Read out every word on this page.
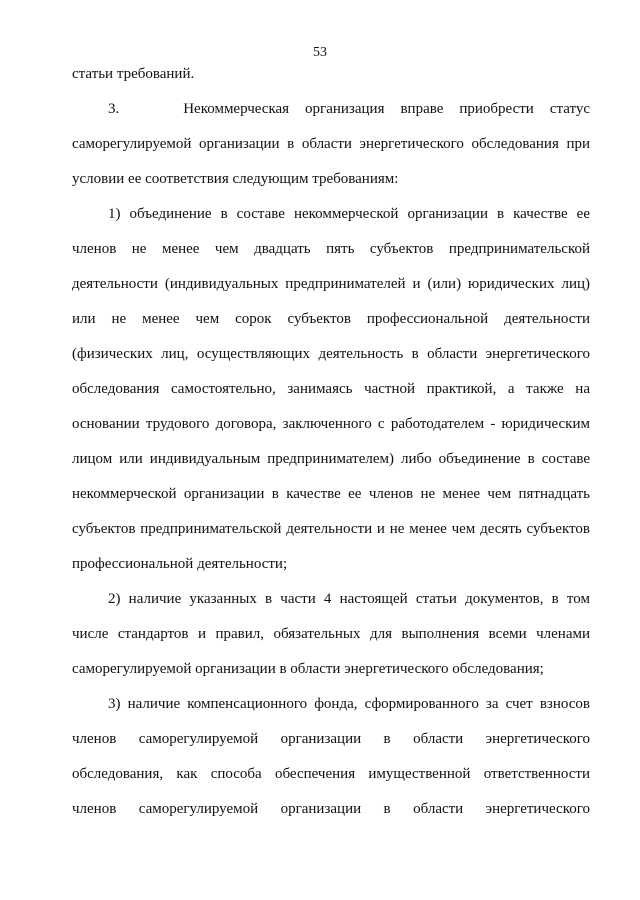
53
статьи требований.
3.    Некоммерческая организация вправе приобрести статус
саморегулируемой организации в области энергетического обследования при
условии ее соответствия следующим требованиям:
1) объединение в составе некоммерческой организации в качестве ее
членов не менее чем двадцать пять субъектов предпринимательской
деятельности (индивидуальных предпринимателей и (или) юридических лиц)
или не менее чем сорок субъектов профессиональной деятельности
(физических лиц, осуществляющих деятельность в области энергетического
обследования самостоятельно, занимаясь частной практикой, а также на
основании трудового договора, заключенного с работодателем - юридическим
лицом или индивидуальным предпринимателем) либо объединение в составе
некоммерческой организации в качестве ее членов не менее чем пятнадцать
субъектов предпринимательской деятельности и не менее чем десять субъектов
профессиональной деятельности;
2) наличие указанных в части 4 настоящей статьи документов, в том
числе стандартов и правил, обязательных для выполнения всеми членами
саморегулируемой организации в области энергетического обследования;
3) наличие компенсационного фонда, сформированного за счет взносов
членов саморегулируемой организации в области энергетического
обследования, как способа обеспечения имущественной ответственности
членов саморегулируемой организации в области энергетического
